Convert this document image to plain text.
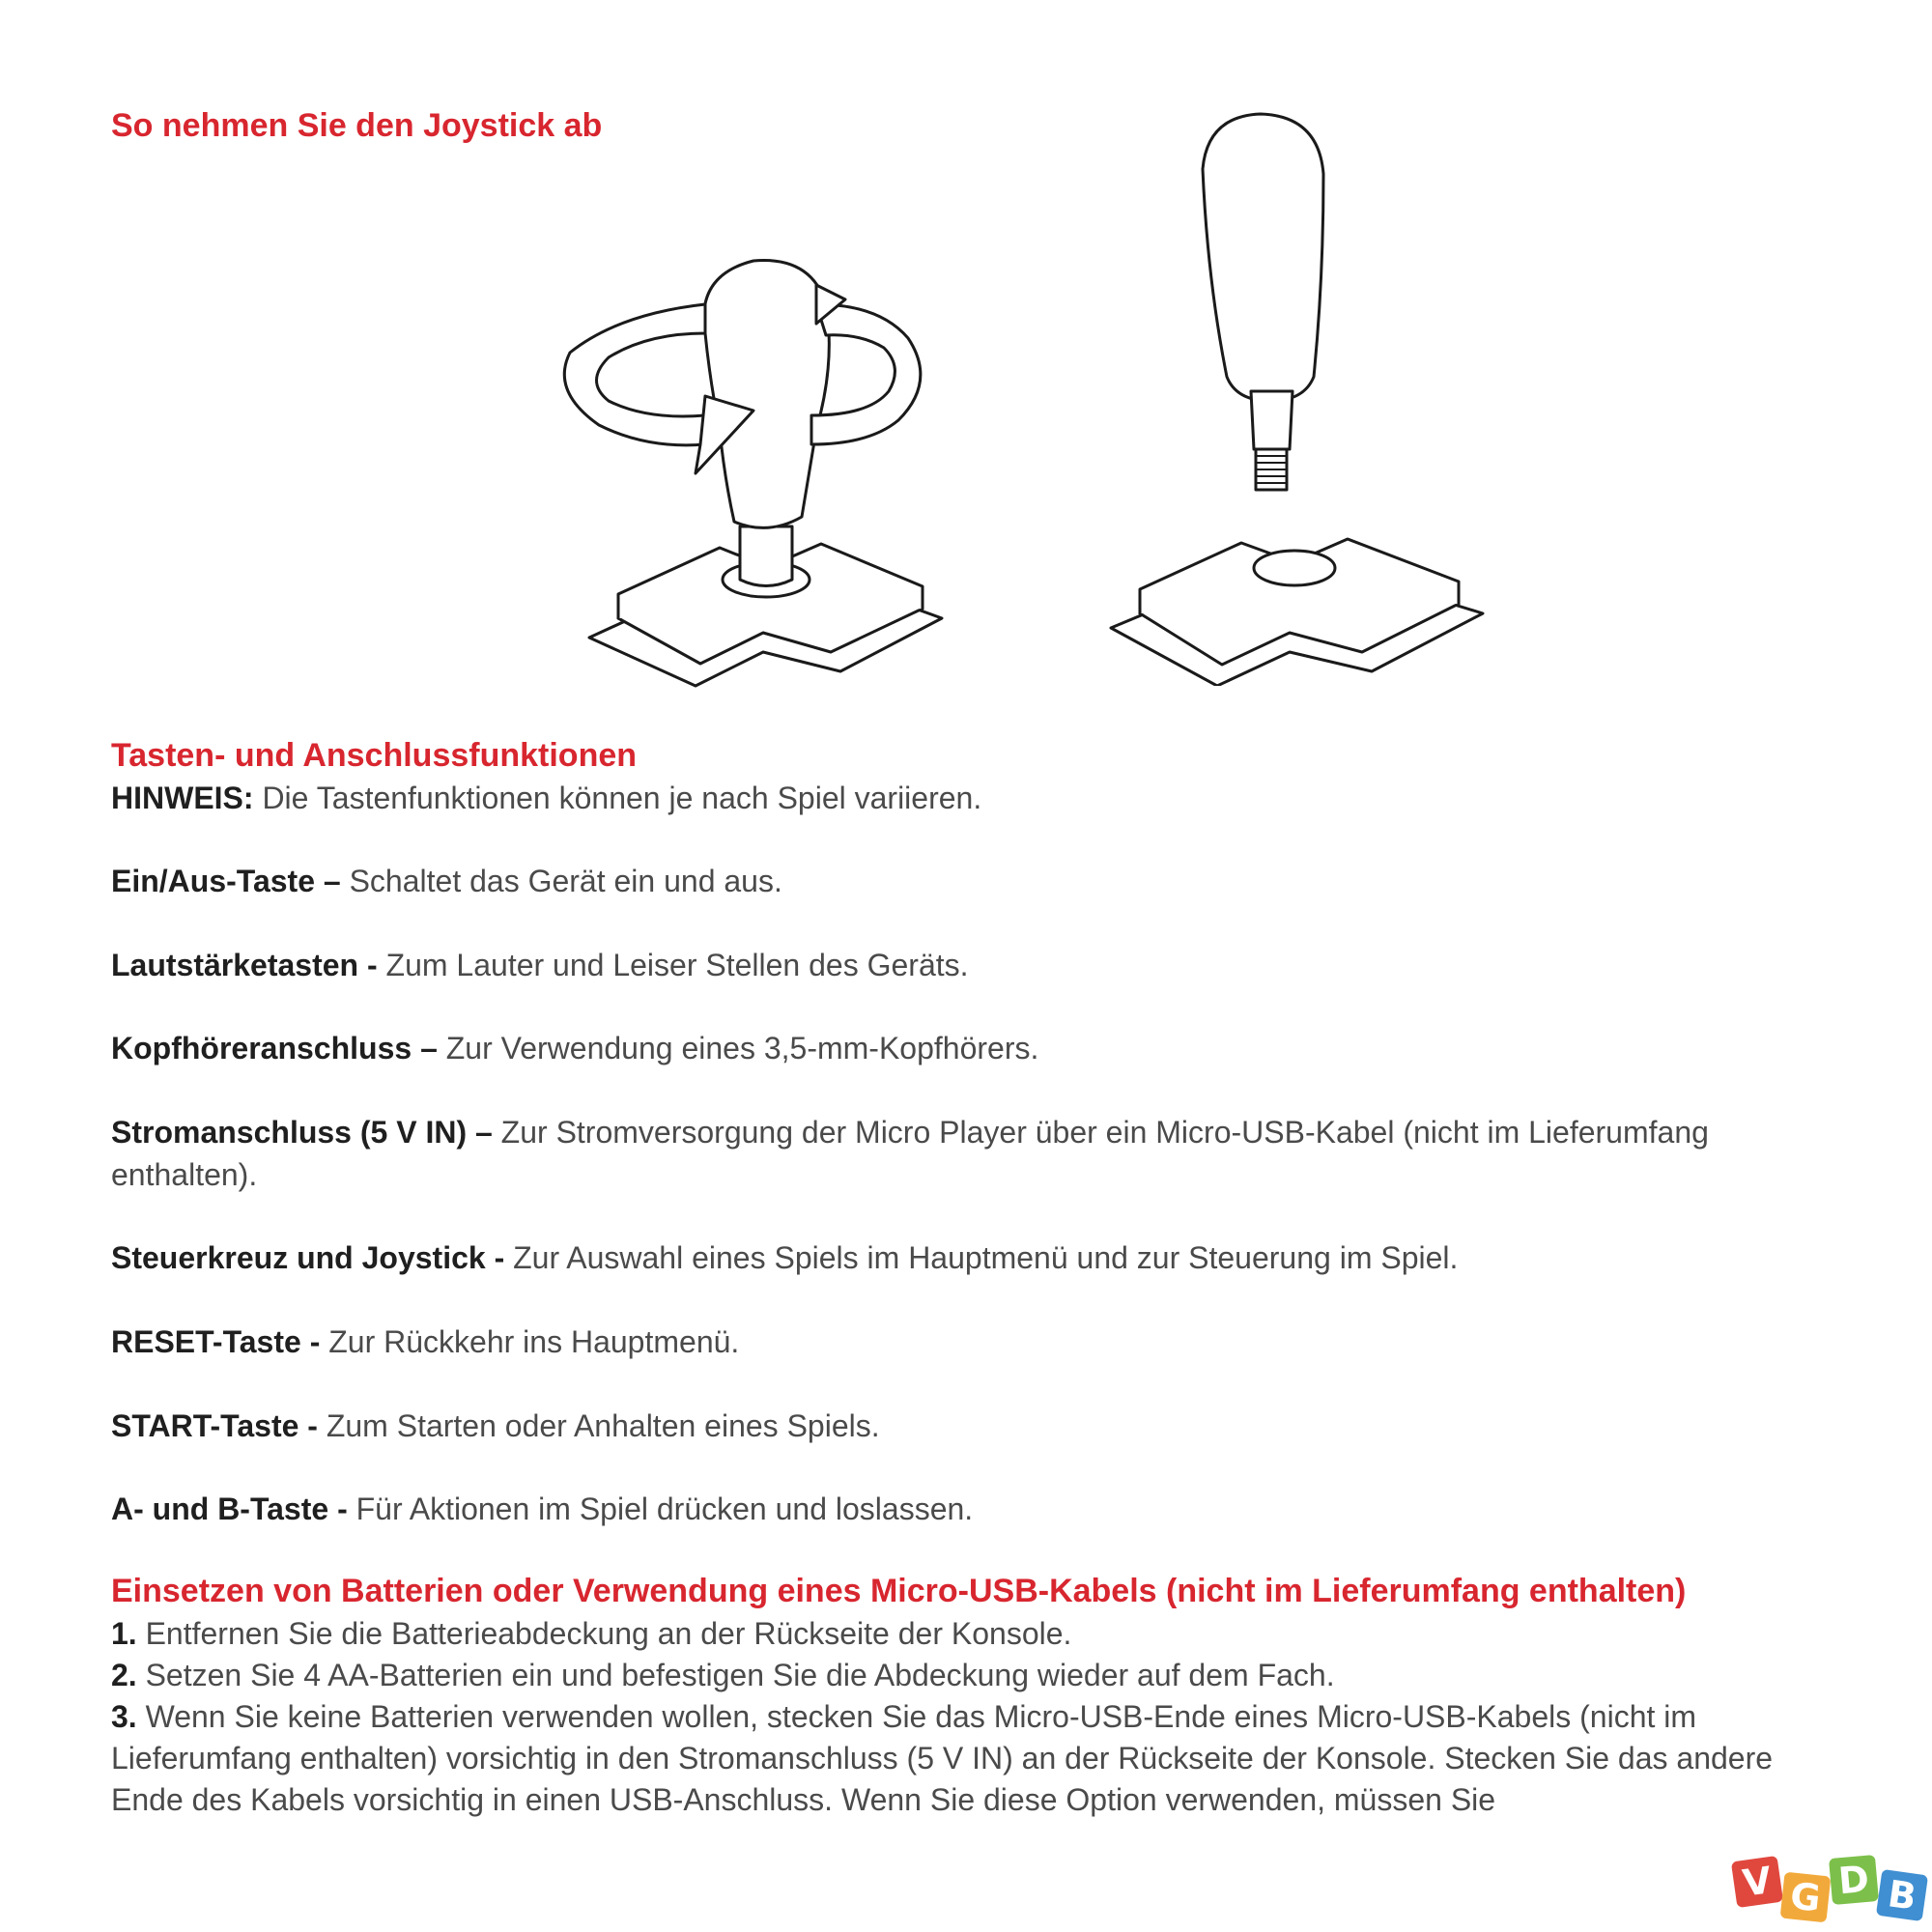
So nehmen Sie den Joystick ab
Tasten- und Anschlussfunktionen

HINWEIS: Die Tastenfunktionen können je nach Spiel variieren.

Ein/Aus-Taste – Schaltet das Gerät ein und aus.

Lautstärketasten - Zum Lauter und Leiser Stellen des Geräts.

Kopfhöreranschluss – Zur Verwendung eines 3,5-mm-Kopfhörers.

Stromanschluss (5 V IN) – Zur Stromversorgung der Micro Player über ein Micro-USB-Kabel (nicht im Lieferumfang enthalten).

Steuerkreuz und Joystick - Zur Auswahl eines Spiels im Hauptmenü und zur Steuerung im Spiel.

RESET-Taste - Zur Rückkehr ins Hauptmenü.

START-Taste - Zum Starten oder Anhalten eines Spiels.

A- und B-Taste - Für Aktionen im Spiel drücken und loslassen.

Einsetzen von Batterien oder Verwendung eines Micro-USB-Kabels (nicht im Lieferumfang enthalten)
1. Entfernen Sie die Batterieabdeckung an der Rückseite der Konsole.
2. Setzen Sie 4 AA-Batterien ein und befestigen Sie die Abdeckung wieder auf dem Fach.
3. Wenn Sie keine Batterien verwenden wollen, stecken Sie das Micro-USB-Ende eines Micro-USB-Kabels (nicht im Lieferumfang enthalten) vorsichtig in den Stromanschluss (5 V IN) an der Rückseite der Konsole. Stecken Sie das andere Ende des Kabels vorsichtig in einen USB-Anschluss. Wenn Sie diese Option verwenden, müssen Sie
V G D B
